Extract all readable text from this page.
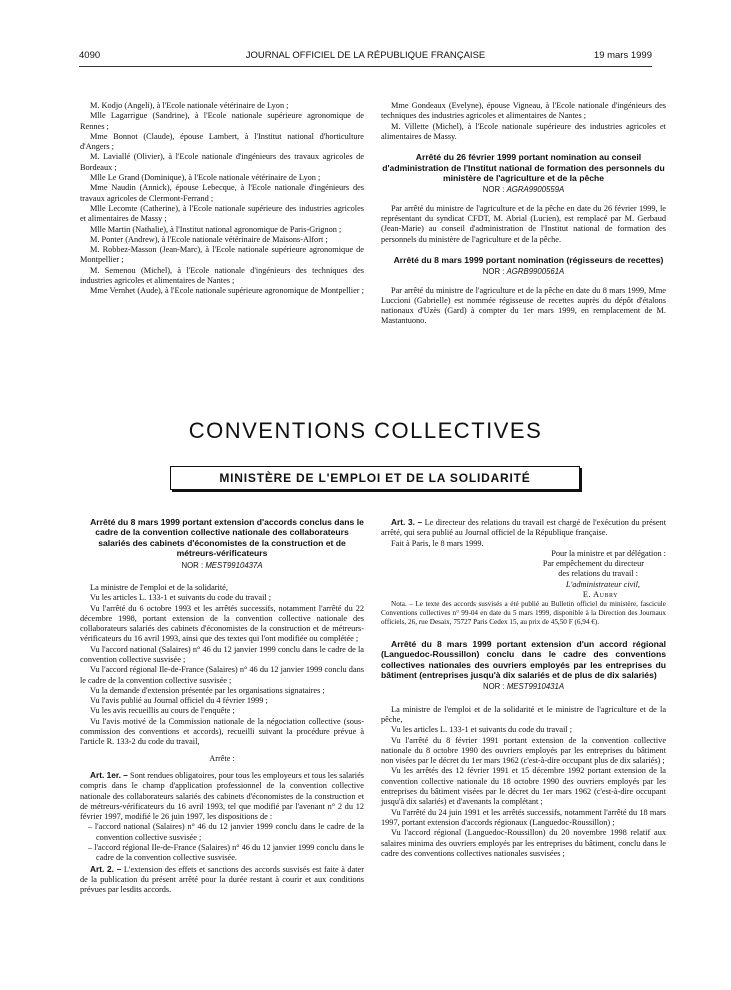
4090	JOURNAL OFFICIEL DE LA RÉPUBLIQUE FRANÇAISE	19 mars 1999

M. Kodjo (Angeli), à l'Ecole nationale vétérinaire de Lyon ;

Mlle Lagarrigue (Sandrine), à l'Ecole nationale supérieure agronomique de Rennes ;

Mme Bonnot (Claude), épouse Lambert, à l'Institut national d'horticulture d'Angers ;

M. Laviallé (Olivier), à l'Ecole nationale d'ingénieurs des travaux agricoles de Bordeaux ;

Mlle Le Grand (Dominique), à l'Ecole nationale vétérinaire de Lyon ;

Mme Naudin (Annick), épouse Lebecque, à l'Ecole nationale d'ingénieurs des travaux agricoles de Clermont-Ferrand ;

Mlle Lecomte (Catherine), à l'Ecole nationale supérieure des industries agricoles et alimentaires de Massy ;

Mlle Martin (Nathalie), à l'Institut national agronomique de Paris-Grignon ;

M. Ponter (Andrew), à l'Ecole nationale vétérinaire de Maisons-Alfort ;

M. Robbez-Masson (Jean-Marc), à l'Ecole nationale supérieure agronomique de Montpellier ;

M. Semenou (Michel), à l'Ecole nationale d'ingénieurs des techniques des industries agricoles et alimentaires de Nantes ;

Mme Vernhet (Aude), à l'Ecole nationale supérieure agronomique de Montpellier ;

Mme Gondeaux (Evelyne), épouse Vigneau, à l'Ecole nationale d'ingénieurs des techniques des industries agricoles et alimentaires de Nantes ;

M. Villette (Michel), à l'Ecole nationale supérieure des industries agricoles et alimentaires de Massy.

Arrêté du 26 février 1999 portant nomination au conseil d'administration de l'Institut national de formation des personnels du ministère de l'agriculture et de la pêche

NOR : AGRA9900559A

Par arrêté du ministre de l'agriculture et de la pêche en date du 26 février 1999, le représentant du syndicat CFDT, M. Abrial (Lucien), est remplacé par M. Gerbaud (Jean-Marie) au conseil d'administration de l'Institut national de formation des personnels du ministère de l'agriculture et de la pêche.

Arrêté du 8 mars 1999 portant nomination (régisseurs de recettes)

NOR : AGRB9900561A

Par arrêté du ministre de l'agriculture et de la pêche en date du 8 mars 1999, Mme Luccioni (Gabrielle) est nommée régisseuse de recettes auprès du dépôt d'étalons nationaux d'Uzès (Gard) à compter du 1er mars 1999, en remplacement de M. Mastantuono.

CONVENTIONS COLLECTIVES
MINISTÈRE DE L'EMPLOI ET DE LA SOLIDARITÉ

Arrêté du 8 mars 1999 portant extension d'accords conclus dans le cadre de la convention collective nationale des collaborateurs salariés des cabinets d'économistes de la construction et de métreurs-vérificateurs

NOR : MEST9910437A

La ministre de l'emploi et de la solidarité,

Vu les articles L. 133-1 et suivants du code du travail ;

Vu l'arrêté du 6 octobre 1993 et les arrêtés successifs, notamment l'arrêté du 22 décembre 1998, portant extension de la convention collective nationale des collaborateurs salariés des cabinets d'économistes de la construction et de métreurs-vérificateurs du 16 avril 1993, ainsi que des textes qui l'ont modifiée ou complétée ;

Vu l'accord national (Salaires) n° 46 du 12 janvier 1999 conclu dans le cadre de la convention collective susvisée ;

Vu l'accord régional Ile-de-France (Salaires) n° 46 du 12 janvier 1999 conclu dans le cadre de la convention collective susvisée ;

Vu la demande d'extension présentée par les organisations signataires ;

Vu l'avis publié au Journal officiel du 4 février 1999 ;

Vu les avis recueillis au cours de l'enquête ;

Vu l'avis motivé de la Commission nationale de la négociation collective (sous-commission des conventions et accords), recueilli suivant la procédure prévue à l'article R. 133-2 du code du travail,

Arrête :

Art. 1er. – Sont rendues obligatoires, pour tous les employeurs et tous les salariés compris dans le champ d'application professionnel de la convention collective nationale des collaborateurs salariés des cabinets d'économistes de la construction et de métreurs-vérificateurs du 16 avril 1993, tel que modifié par l'avenant n° 2 du 12 février 1997, modifié le 26 juin 1997, les dispositions de :

– l'accord national (Salaires) n° 46 du 12 janvier 1999 conclu dans le cadre de la convention collective susvisée ;

– l'accord régional Ile-de-France (Salaires) n° 46 du 12 janvier 1999 conclu dans le cadre de la convention collective susvisée.

Art. 2. – L'extension des effets et sanctions des accords susvisés est faite à dater de la publication du présent arrêté pour la durée restant à courir et aux conditions prévues par lesdits accords.

Art. 3. – Le directeur des relations du travail est chargé de l'exécution du présent arrêté, qui sera publié au Journal officiel de la République française.

Fait à Paris, le 8 mars 1999.

Pour la ministre et par délégation :

Par empêchement du directeur

des relations du travail :

L'administrateur civil,

E. Aubry

Nota. – Le texte des accords susvisés a été publié au Bulletin officiel du ministère, fascicule Conventions collectives n° 99-04 en date du 5 mars 1999, disponible à la Direction des Journaux officiels, 26, rue Desaix, 75727 Paris Cedex 15, au prix de 45,50 F (6,94 €).

Arrêté du 8 mars 1999 portant extension d'un accord régional (Languedoc-Roussillon) conclu dans le cadre des conventions collectives nationales des ouvriers employés par les entreprises du bâtiment (entreprises jusqu'à dix salariés et de plus de dix salariés)

NOR : MEST9910431A

La ministre de l'emploi et de la solidarité et le ministre de l'agriculture et de la pêche,

Vu les articles L. 133-1 et suivants du code du travail ;

Vu l'arrêté du 8 février 1991 portant extension de la convention collective nationale du 8 octobre 1990 des ouvriers employés par les entreprises du bâtiment non visées par le décret du 1er mars 1962 (c'est-à-dire occupant plus de dix salariés) ;

Vu les arrêtés des 12 février 1991 et 15 décembre 1992 portant extension de la convention collective nationale du 18 octobre 1990 des ouvriers employés par les entreprises du bâtiment visées par le décret du 1er mars 1962 (c'est-à-dire occupant jusqu'à dix salariés) et d'avenants la complétant ;

Vu l'arrêté du 24 juin 1991 et les arrêtés successifs, notamment l'arrêté du 18 mars 1997, portant extension d'accords régionaux (Languedoc-Roussillon) ;

Vu l'accord régional (Languedoc-Roussillon) du 20 novembre 1998 relatif aux salaires minima des ouvriers employés par les entreprises du bâtiment, conclu dans le cadre des conventions collectives nationales susvisées ;
